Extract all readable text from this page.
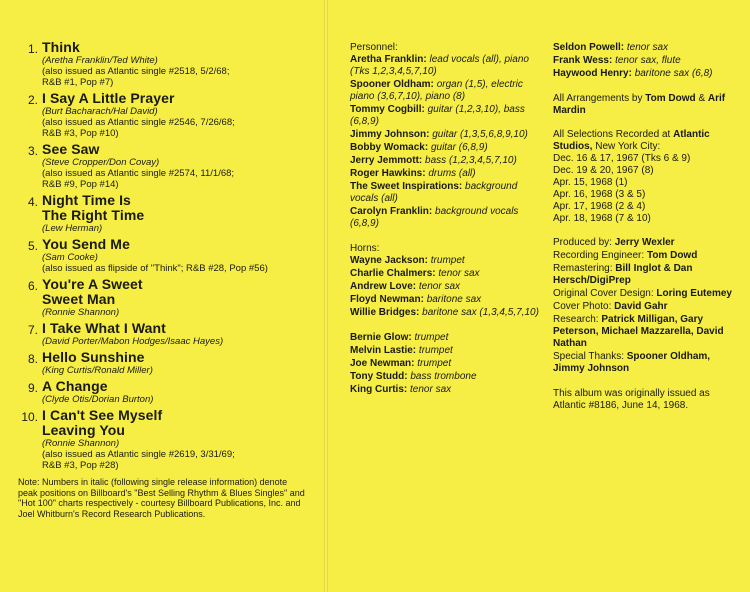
1. Think
(Aretha Franklin/Ted White)
(also issued as Atlantic single #2518, 5/2/68;
R&B #1, Pop #7)
2. I Say A Little Prayer
(Burt Bacharach/Hal David)
(also issued as Atlantic single #2546, 7/26/68;
R&B #3, Pop #10)
3. See Saw
(Steve Cropper/Don Covay)
(also issued as Atlantic single #2574, 11/1/68;
R&B #9, Pop #14)
4. Night Time Is
The Right Time
(Lew Herman)
5. You Send Me
(Sam Cooke)
(also issued as flipside of "Think"; R&B #28, Pop #56)
6. You're A Sweet
Sweet Man
(Ronnie Shannon)
7. I Take What I Want
(David Porter/Mabon Hodges/Isaac Hayes)
8. Hello Sunshine
(King Curtis/Ronald Miller)
9. A Change
(Clyde Otis/Dorian Burton)
10. I Can't See Myself
Leaving You
(Ronnie Shannon)
(also issued as Atlantic single #2619, 3/31/69;
R&B #3, Pop #28)
Note: Numbers in italic (following single release information) denote peak positions on Billboard's "Best Selling Rhythm & Blues Singles" and "Hot 100" charts respectively - courtesy Billboard Publications, Inc. and Joel Whitburn's Record Research Publications.
Personnel:
Aretha Franklin: lead vocals (all), piano (Tks 1,2,3,4,5,7,10)
Spooner Oldham: organ (1,5), electric piano (3,6,7,10), piano (8)
Tommy Cogbill: guitar (1,2,3,10), bass (6,8,9)
Jimmy Johnson: guitar (1,3,5,6,8,9,10)
Bobby Womack: guitar (6,8,9)
Jerry Jemmott: bass (1,2,3,4,5,7,10)
Roger Hawkins: drums (all)
The Sweet Inspirations: background vocals (all)
Carolyn Franklin: background vocals (6,8,9)
Horns:
Wayne Jackson: trumpet
Charlie Chalmers: tenor sax
Andrew Love: tenor sax
Floyd Newman: baritone sax
Willie Bridges: baritone sax (1,3,4,5,7,10)
Bernie Glow: trumpet
Melvin Lastie: trumpet
Joe Newman: trumpet
Tony Studd: bass trombone
King Curtis: tenor sax
Seldon Powell: tenor sax
Frank Wess: tenor sax, flute
Haywood Henry: baritone sax (6,8)
All Arrangements by Tom Dowd & Arif Mardin
All Selections Recorded at Atlantic Studios, New York City:
Dec. 16 & 17, 1967 (Tks 6 & 9)
Dec. 19 & 20, 1967 (8)
Apr. 15, 1968 (1)
Apr. 16, 1968 (3 & 5)
Apr. 17, 1968 (2 & 4)
Apr. 18, 1968 (7 & 10)
Produced by: Jerry Wexler
Recording Engineer: Tom Dowd
Remastering: Bill Inglot & Dan Hersch/DigiPrep
Original Cover Design: Loring Eutemey
Cover Photo: David Gahr
Research: Patrick Milligan, Gary Peterson, Michael Mazzarella, David Nathan
Special Thanks: Spooner Oldham, Jimmy Johnson
This album was originally issued as Atlantic #8186, June 14, 1968.
